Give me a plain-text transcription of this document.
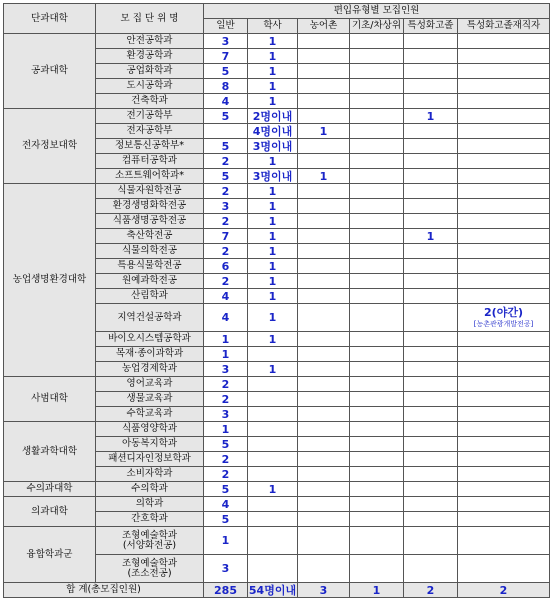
단과대학	모 집 단 위 명	편입유형별 모집인원					
		일반	학사	농어촌	기초/차상위	특성화고졸	특성화고졸재직자
공과대학	안전공학과	3	1				
	환경공학과	7	1				
	공업화학과	5	1				
	도시공학과	8	1				
	건축학과	4	1				
전자정보대학	전기공학부	5	2명이내			1	
	전자공학부		4명이내	1			
	정보통신공학부*	5	3명이내				
	컴퓨터공학과	2	1				
	소프트웨어학과*	5	3명이내	1			
농업생명환경대학	식물자원학전공	2	1				
	환경생명화학전공	3	1				
	식품생명공학전공	2	1				
	축산학전공	7	1			1	
	식물의학전공	2	1				
	특용식물학전공	6	1				
	원예과학전공	2	1				
	산림학과	4	1				
	지역건설공학과	4	1				2(야간)
[농촌관광개발전공]
	바이오시스템공학과	1	1				
	목재·종이과학과	1					
	농업경제학과	3	1				
사범대학	영어교육과	2					
	생물교육과	2					
	수학교육과	3					
생활과학대학	식품영양학과	1					
	아동복지학과	5					
	패션디자인정보학과	2					
	소비자학과	2					
수의과대학	수의학과	5	1				
의과대학	의학과	4					
	간호학과	5					
융합학과군	조형예술학과
(서양화전공)	1					
	조형예술학과
(조소전공)	3					
합 계(총모집인원)		285	54명이내	3	1	2	2
